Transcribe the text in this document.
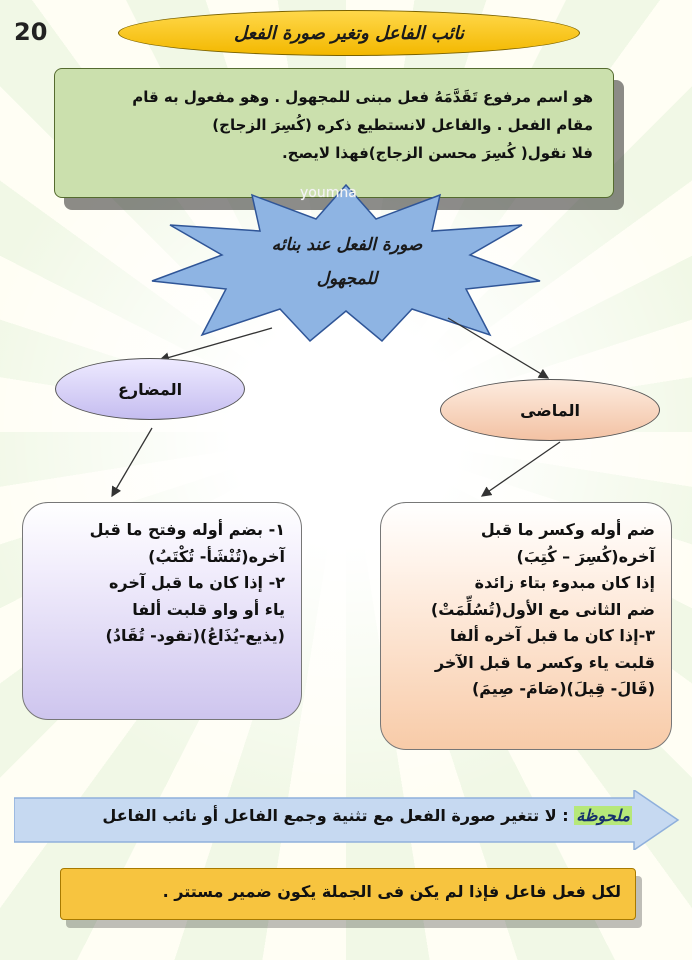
20	نائب الفاعل وتغير صورة الفعل
هو اسم مرفوع تَقَدَّمَهُ فعل مبنى للمجهول . وهو مفعول به قام
مقام الفعل . والفاعل لانستطيع ذكره (كُسِرَ الزجاج)
فلا نقول( كُسِرَ محسن الزجاج)فهذا لايصح.
youmna
صورة الفعل عند بنائه
للمجهول
المضارع
الماضى
١- بضم أوله وفتح ما قبل
آخره(تُنْشَأ- تُكْتَبُ)
٢- إذا كان ما قبل آخره
ياء أو واو قلبت ألفا
(يذيع-يُذَاعُ)(تقود- تُقَادُ)
ضم أوله وكسر ما قبل
آخره(كُسِرَ – كُتِبَ)
إذا كان مبدوء بتاء زائدة
ضم الثانى مع الأول(تُسُلِّمَتْ)
٣-إذا كان ما قبل آخره ألفا
قلبت ياء وكسر ما قبل الآخر
(قَالَ- قِيلَ)(صَامَ- صِيمَ)
ملحوظة : لا تتغير صورة الفعل مع تثنية وجمع الفاعل أو نائب الفاعل
لكل فعل فاعل فإذا لم يكن فى الجملة يكون ضمير مستتر .
